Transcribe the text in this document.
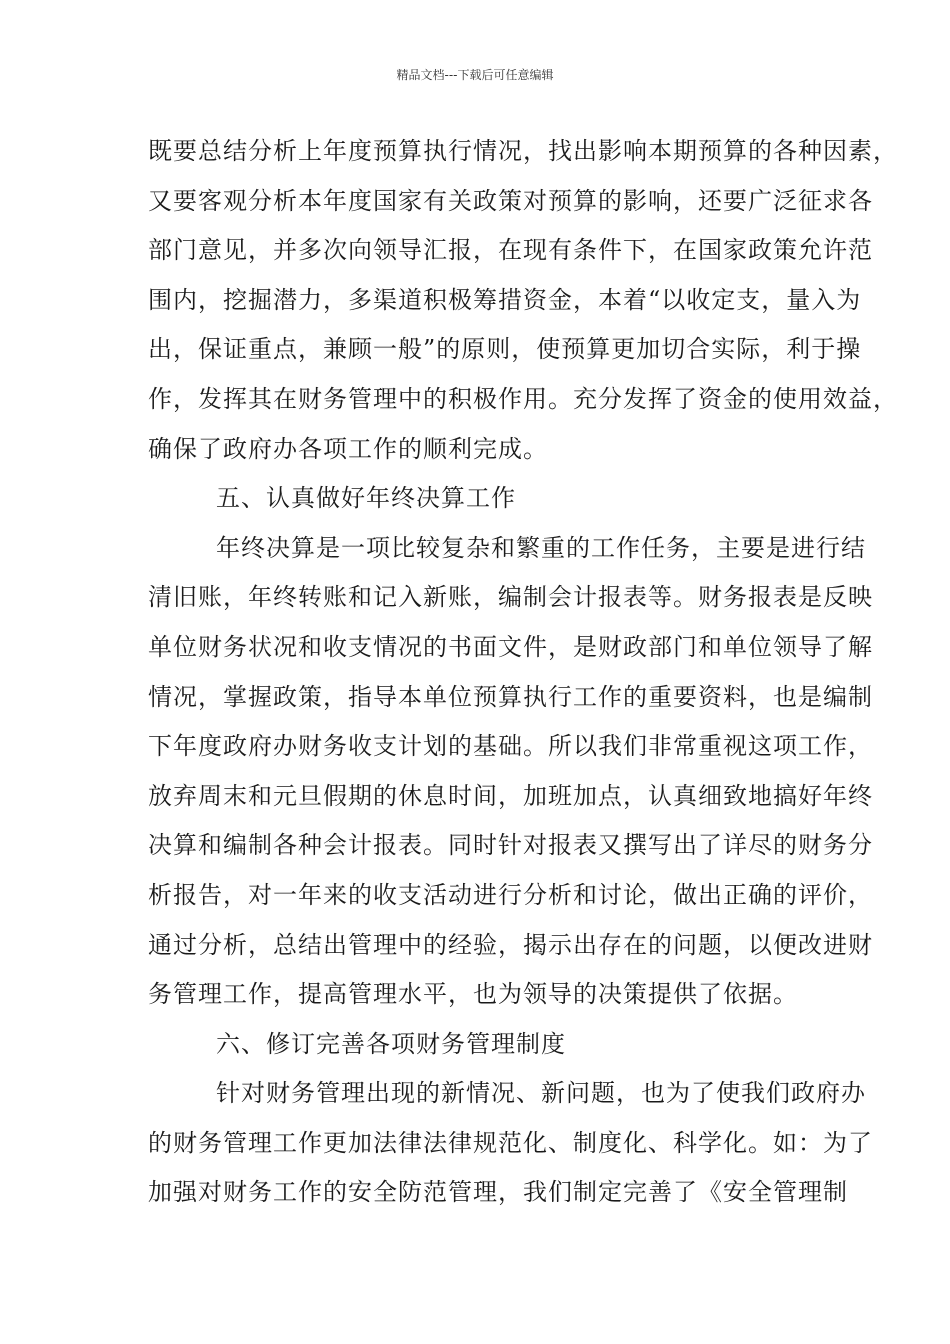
精品文档---下载后可任意编辑
既要总结分析上年度预算执行情况，找出影响本期预算的各种因素，
又要客观分析本年度国家有关政策对预算的影响，还要广泛征求各
部门意见，并多次向领导汇报，在现有条件下，在国家政策允许范
围内，挖掘潜力，多渠道积极筹措资金，本着“以收定支，量入为
出，保证重点，兼顾一般”的原则，使预算更加切合实际，利于操
作，发挥其在财务管理中的积极作用。充分发挥了资金的使用效益，
确保了政府办各项工作的顺利完成。
五、认真做好年终决算工作
年终决算是一项比较复杂和繁重的工作任务，主要是进行结
清旧账，年终转账和记入新账，编制会计报表等。财务报表是反映
单位财务状况和收支情况的书面文件，是财政部门和单位领导了解
情况，掌握政策，指导本单位预算执行工作的重要资料，也是编制
下年度政府办财务收支计划的基础。所以我们非常重视这项工作，
放弃周末和元旦假期的休息时间，加班加点，认真细致地搞好年终
决算和编制各种会计报表。同时针对报表又撰写出了详尽的财务分
析报告，对一年来的收支活动进行分析和讨论，做出正确的评价，
通过分析，总结出管理中的经验，揭示出存在的问题，以便改进财
务管理工作，提高管理水平，也为领导的决策提供了依据。
六、修订完善各项财务管理制度
针对财务管理出现的新情况、新问题，也为了使我们政府办
的财务管理工作更加法律法律规范化、制度化、科学化。如：为了
加强对财务工作的安全防范管理，我们制定完善了《安全管理制
